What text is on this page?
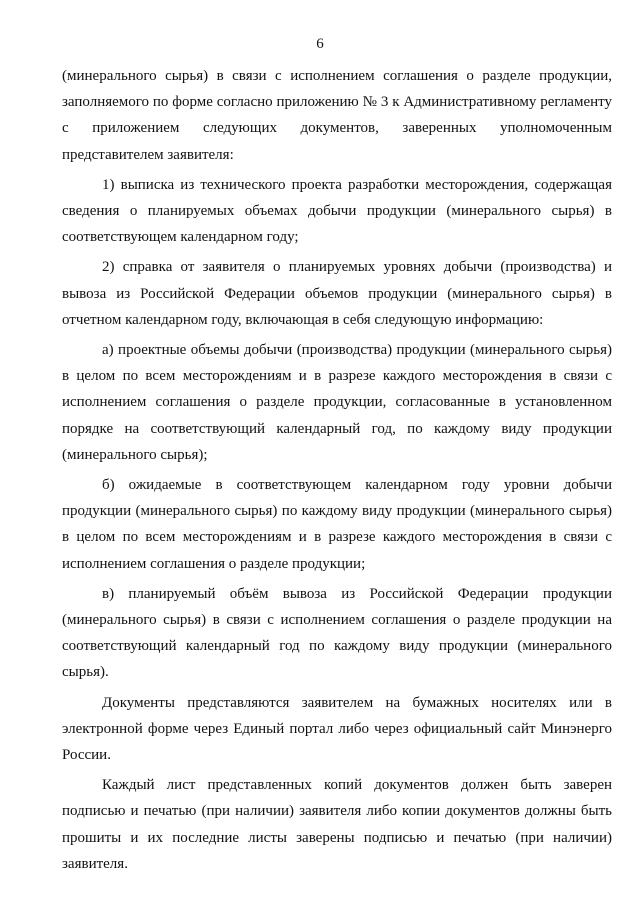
6

(минерального сырья) в связи с исполнением соглашения о разделе продукции, заполняемого по форме согласно приложению № 3 к Административному регламенту с приложением следующих документов, заверенных уполномоченным представителем заявителя:

1) выписка из технического проекта разработки месторождения, содержащая сведения о планируемых объемах добычи продукции (минерального сырья) в соответствующем календарном году;

2) справка от заявителя о планируемых уровнях добычи (производства) и вывоза из Российской Федерации объемов продукции (минерального сырья) в отчетном календарном году, включающая в себя следующую информацию:

а) проектные объемы добычи (производства) продукции (минерального сырья) в целом по всем месторождениям и в разрезе каждого месторождения в связи с исполнением соглашения о разделе продукции, согласованные в установленном порядке на соответствующий календарный год, по каждому виду продукции (минерального сырья);

б) ожидаемые в соответствующем календарном году уровни добычи продукции (минерального сырья) по каждому виду продукции (минерального сырья) в целом по всем месторождениям и в разрезе каждого месторождения в связи с исполнением соглашения о разделе продукции;

в) планируемый объём вывоза из Российской Федерации продукции (минерального сырья) в связи с исполнением соглашения о разделе продукции на соответствующий календарный год по каждому виду продукции (минерального сырья).

Документы представляются заявителем на бумажных носителях или в электронной форме через Единый портал либо через официальный сайт Минэнерго России.

Каждый лист представленных копий документов должен быть заверен подписью и печатью (при наличии) заявителя либо копии документов должны быть прошиты и их последние листы заверены подписью и печатью (при наличии) заявителя.
